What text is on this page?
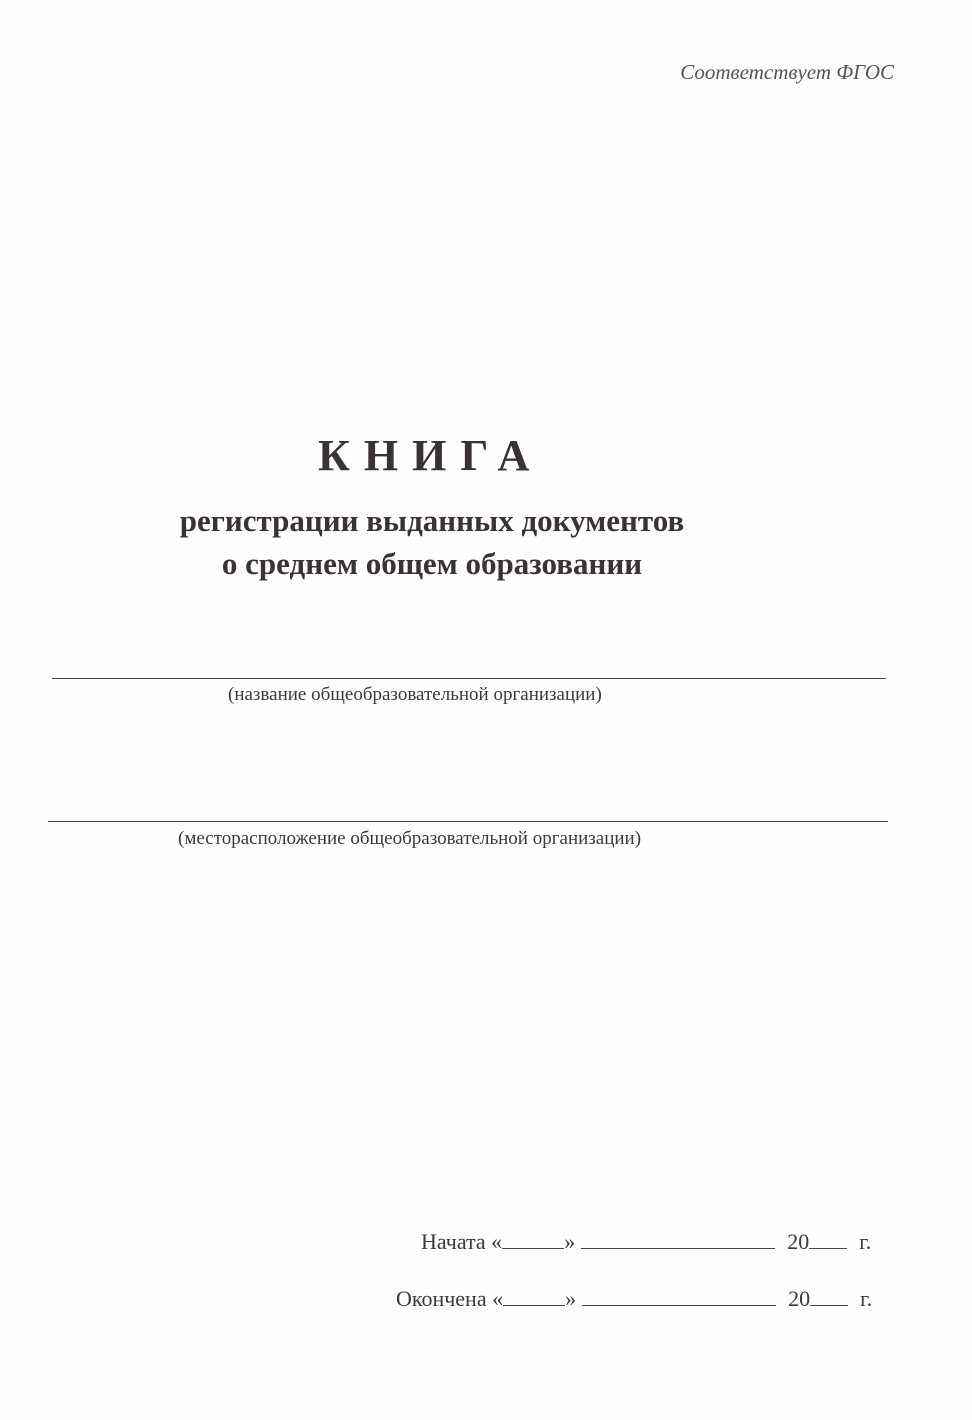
Соответствует ФГОС
КНИГА
регистрации выданных документов
о среднем общем образовании
(название общеобразовательной организации)
(месторасположение общеобразовательной организации)
Начата «	»	20 г.
Окончена «	»	20 г.
